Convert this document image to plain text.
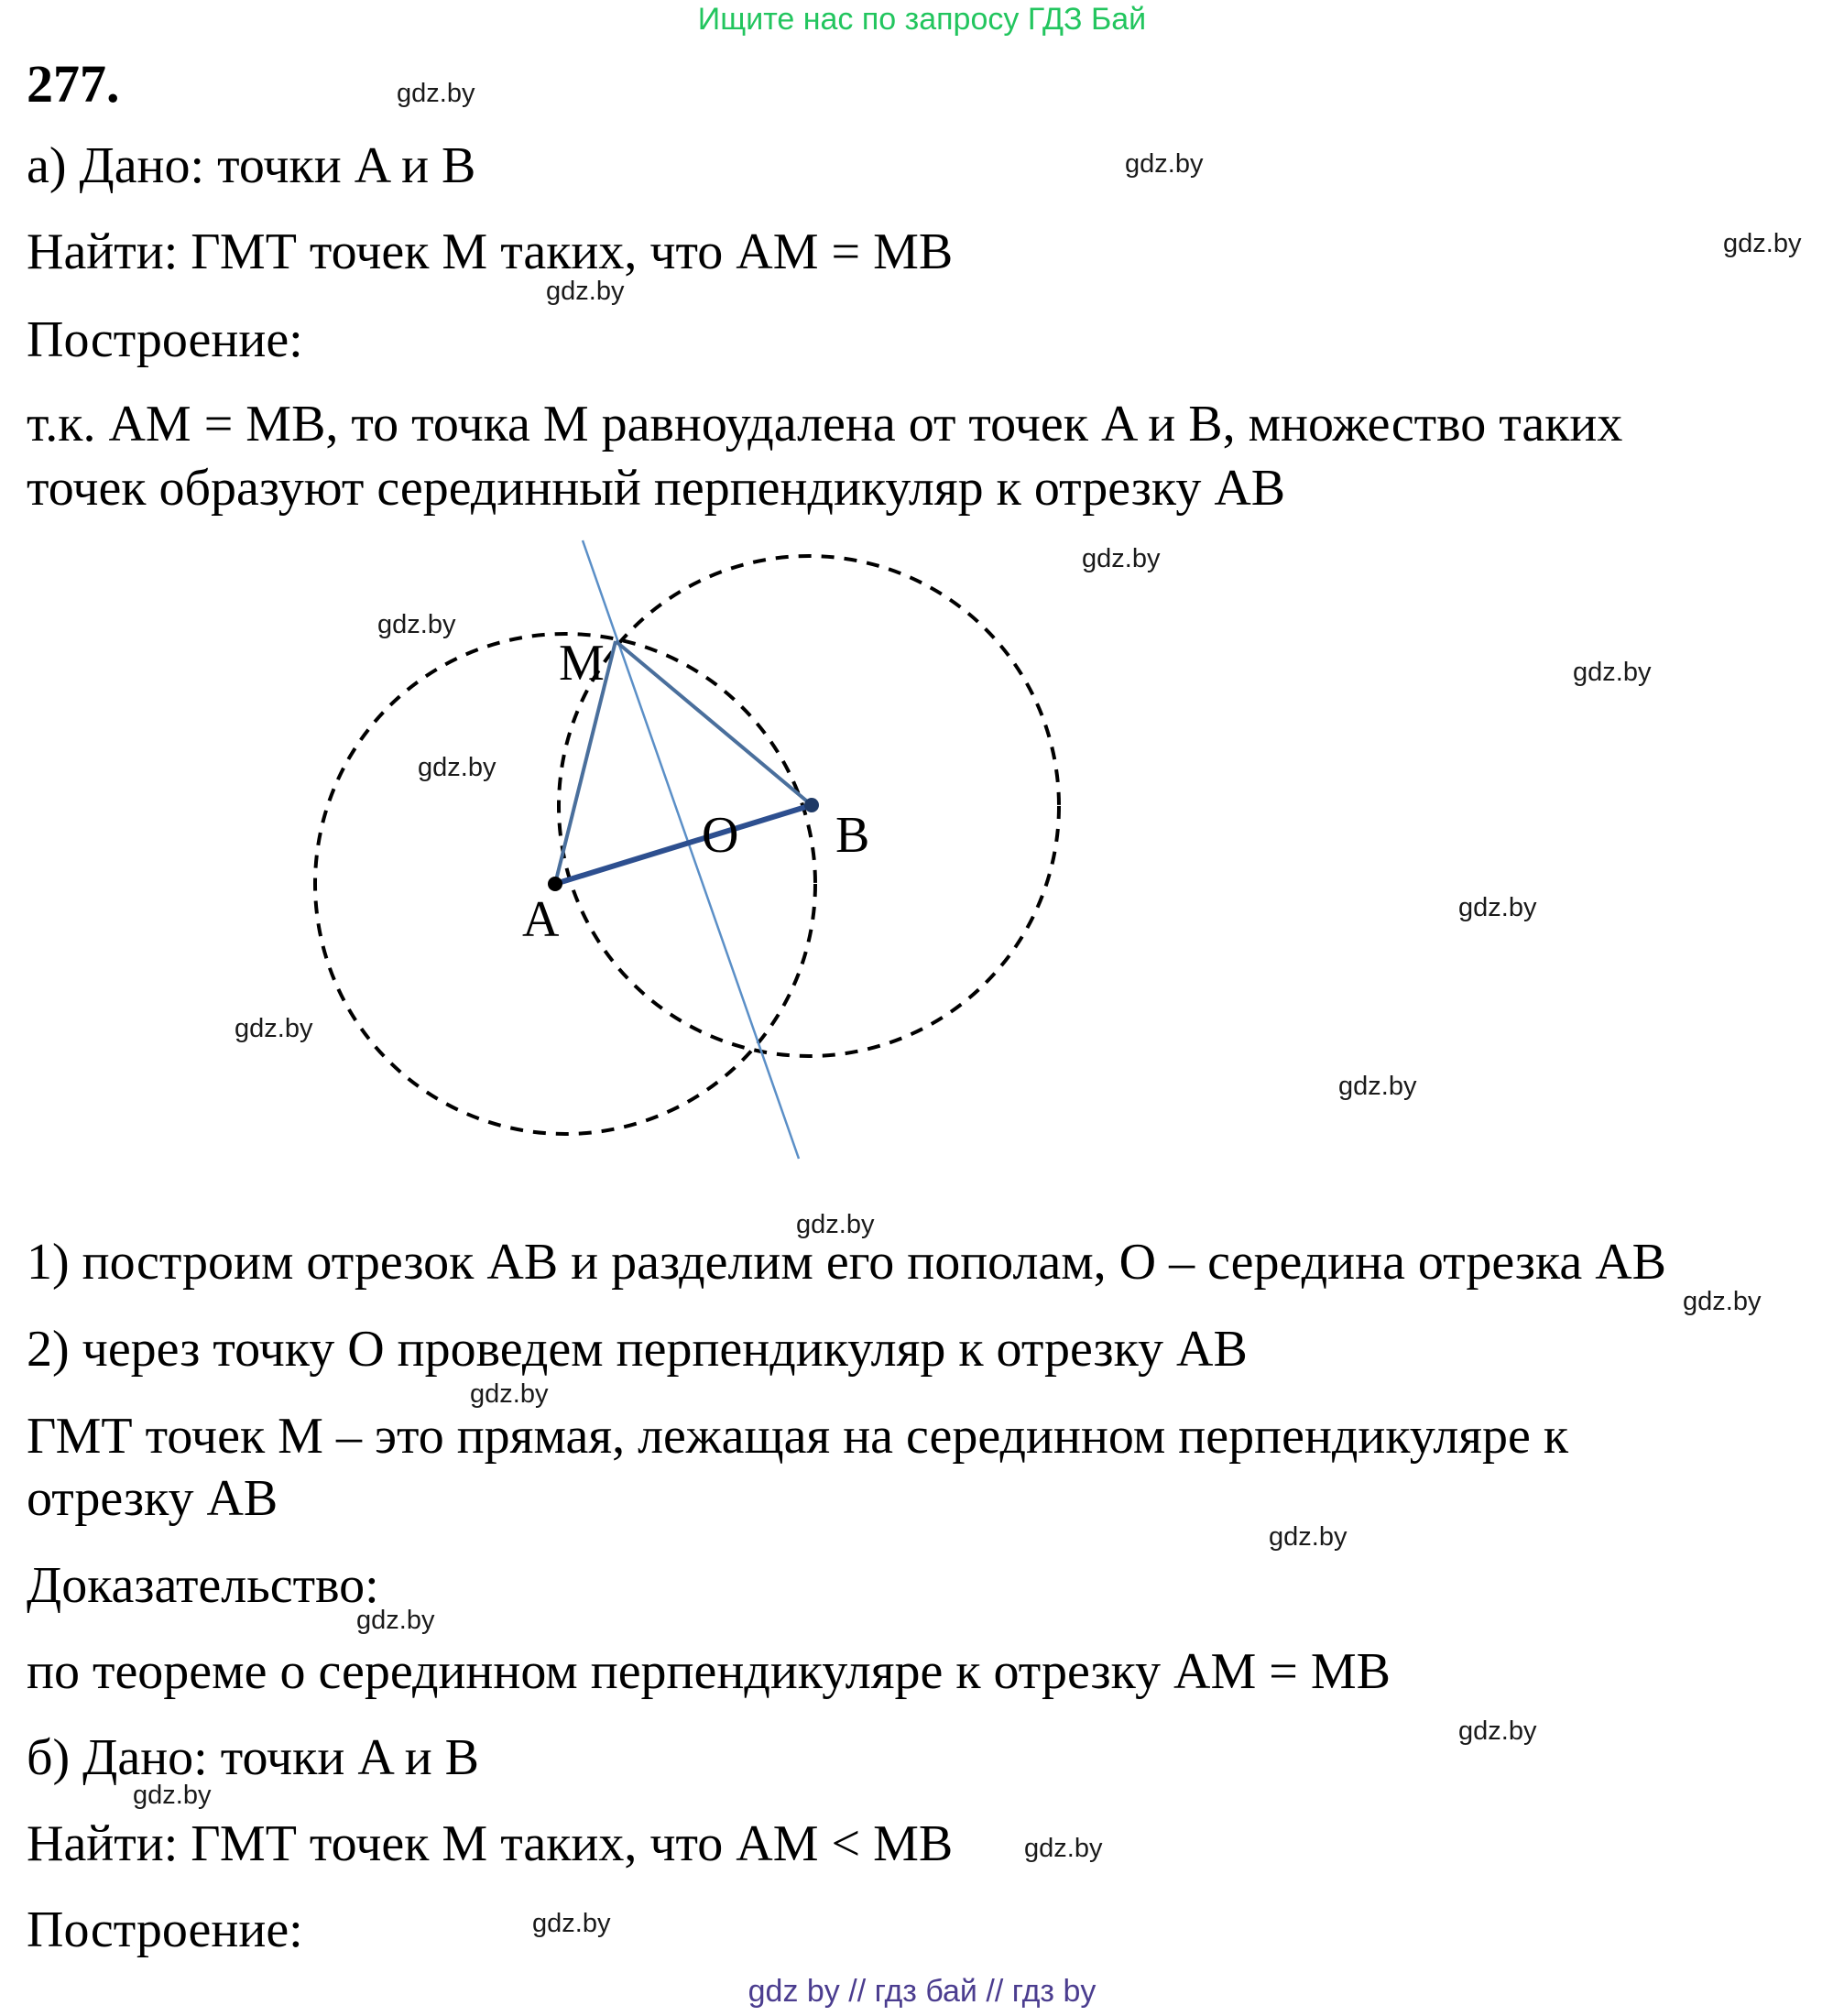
Ищите нас по запросу ГДЗ Бай
277.
а) Дано: точки A и B
Найти: ГМТ точек M таких, что AM = MB
Построение:
т.к. AM = MB, то точка M равноудалена от точек A и B, множество таких
точек образуют серединный перпендикуляр к отрезку AB
M
A
B
O
1) построим отрезок AB и разделим его пополам, O – середина отрезка AB
2) через точку O проведем перпендикуляр к отрезку AB
ГМТ точек M – это прямая, лежащая на серединном перпендикуляре к
отрезку AB
Доказательство:
по теореме о серединном перпендикуляре к отрезку AM = MB
б) Дано: точки A и B
Найти: ГМТ точек M таких, что AM < MB
Построение:
gdz.by
gdz.by
gdz.by
gdz.by
gdz.by
gdz.by
gdz.by
gdz.by
gdz.by
gdz.by
gdz.by
gdz.by
gdz.by
gdz.by
gdz.by
gdz.by
gdz.by
gdz.by
gdz.by
gdz.by
gdz by // гдз бай // гдз by
